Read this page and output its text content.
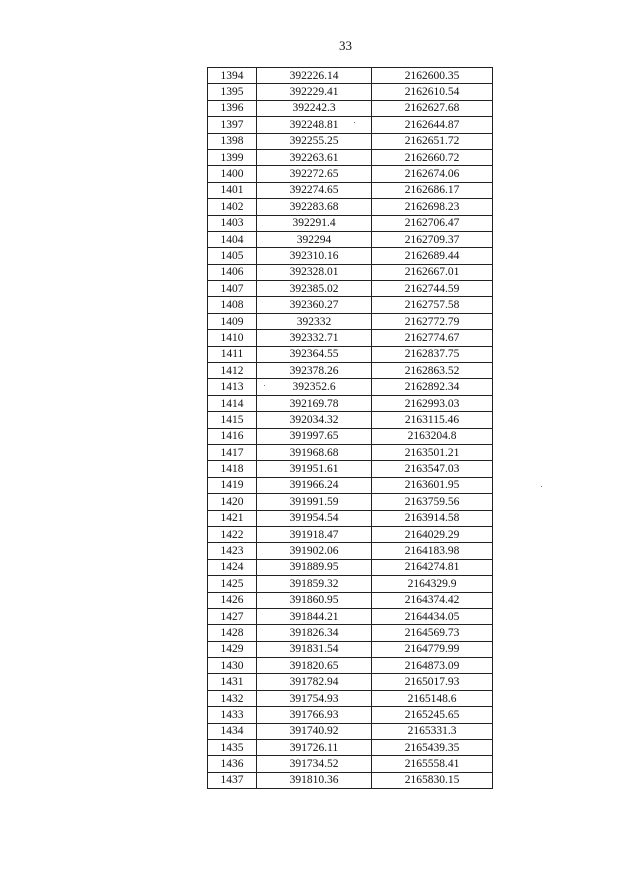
33
1394	392226.14	2162600.35
1395	392229.41	2162610.54
1396	392242.3	2162627.68
1397	392248.81	2162644.87
1398	392255.25	2162651.72
1399	392263.61	2162660.72
1400	392272.65	2162674.06
1401	392274.65	2162686.17
1402	392283.68	2162698.23
1403	392291.4	2162706.47
1404	392294	2162709.37
1405	392310.16	2162689.44
1406	392328.01	2162667.01
1407	392385.02	2162744.59
1408	392360.27	2162757.58
1409	392332	2162772.79
1410	392332.71	2162774.67
1411	392364.55	2162837.75
1412	392378.26	2162863.52
1413	392352.6	2162892.34
1414	392169.78	2162993.03
1415	392034.32	2163115.46
1416	391997.65	2163204.8
1417	391968.68	2163501.21
1418	391951.61	2163547.03
1419	391966.24	2163601.95
1420	391991.59	2163759.56
1421	391954.54	2163914.58
1422	391918.47	2164029.29
1423	391902.06	2164183.98
1424	391889.95	2164274.81
1425	391859.32	2164329.9
1426	391860.95	2164374.42
1427	391844.21	2164434.05
1428	391826.34	2164569.73
1429	391831.54	2164779.99
1430	391820.65	2164873.09
1431	391782.94	2165017.93
1432	391754.93	2165148.6
1433	391766.93	2165245.65
1434	391740.92	2165331.3
1435	391726.11	2165439.35
1436	391734.52	2165558.41
1437	391810.36	2165830.15
